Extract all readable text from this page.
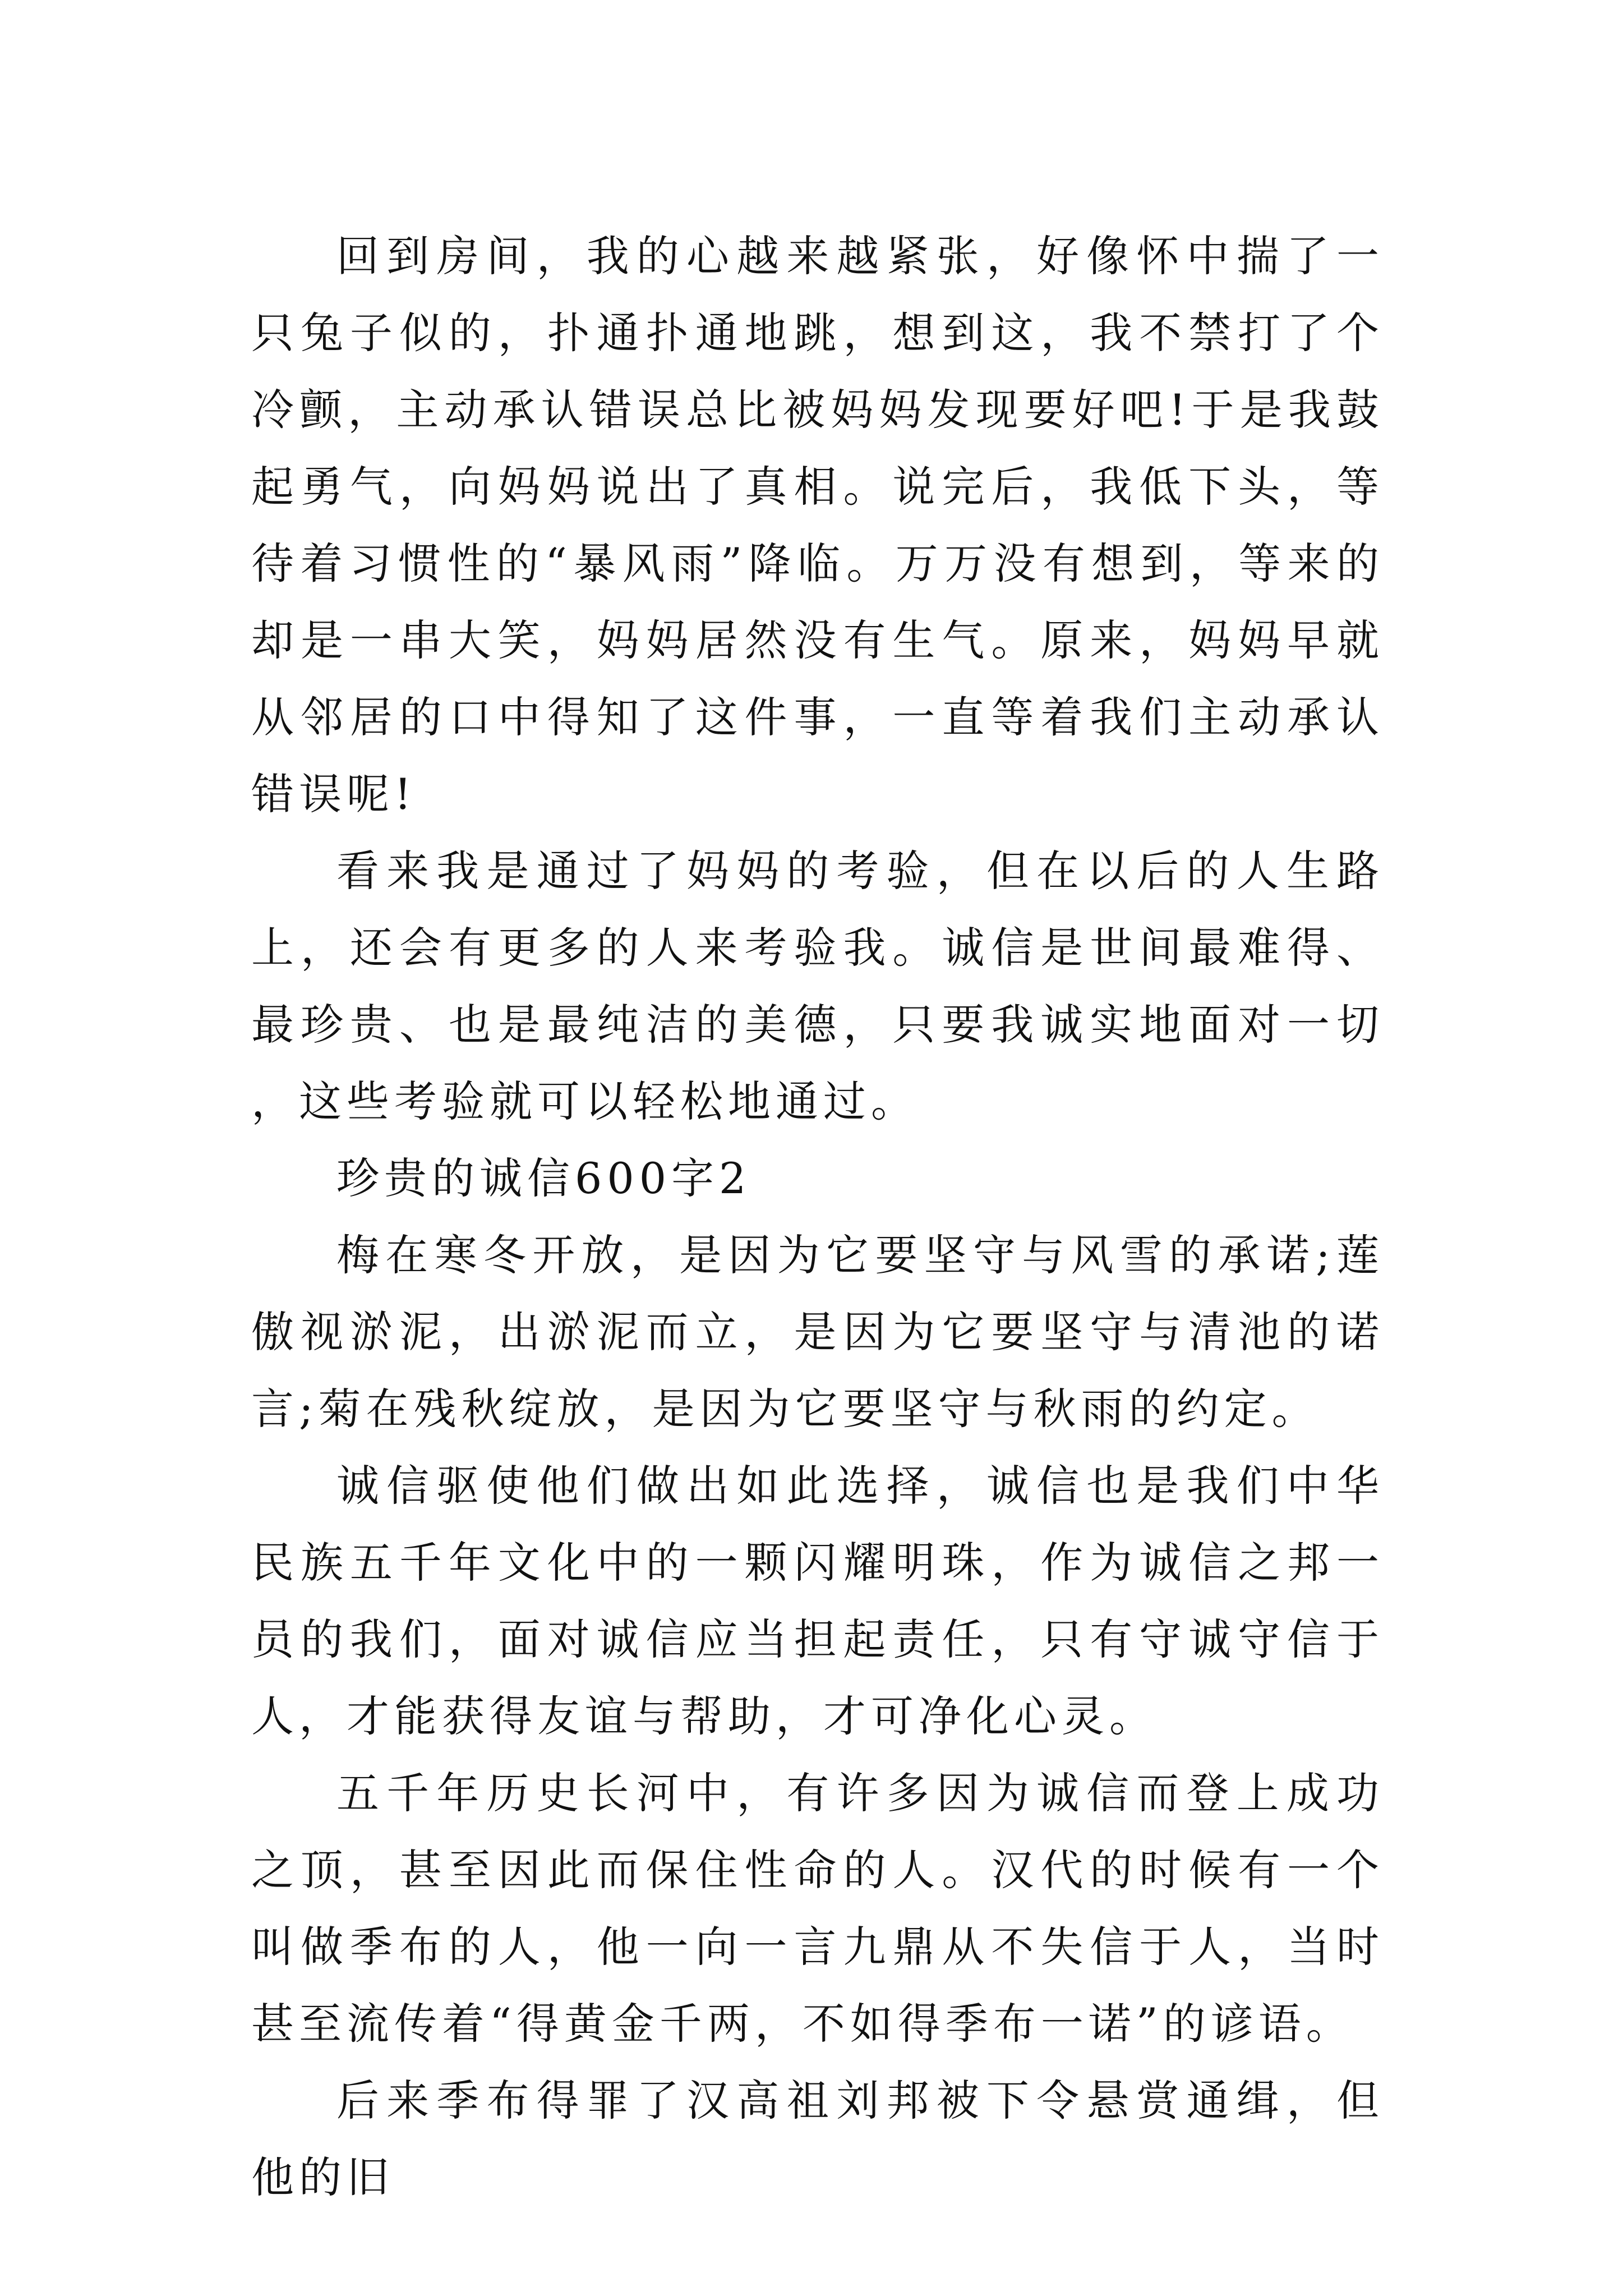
回到房间，我的心越来越紧张，好像怀中揣了一只兔子似的，扑通扑通地跳，想到这，我不禁打了个冷颤，主动承认错误总比被妈妈发现要好吧!于是我鼓起勇气，向妈妈说出了真相。说完后，我低下头，等待着习惯性的“暴风雨”降临。万万没有想到，等来的却是一串大笑，妈妈居然没有生气。原来，妈妈早就从邻居的口中得知了这件事，一直等着我们主动承认错误呢!

看来我是通过了妈妈的考验，但在以后的人生路上，还会有更多的人来考验我。诚信是世间最难得、最珍贵、也是最纯洁的美德，只要我诚实地面对一切，这些考验就可以轻松地通过。

珍贵的诚信600字2

梅在寒冬开放，是因为它要坚守与风雪的承诺;莲傲视淤泥，出淤泥而立，是因为它要坚守与清池的诺言;菊在残秋绽放，是因为它要坚守与秋雨的约定。

诚信驱使他们做出如此选择，诚信也是我们中华民族五千年文化中的一颗闪耀明珠，作为诚信之邦一员的我们，面对诚信应当担起责任，只有守诚守信于人，才能获得友谊与帮助，才可净化心灵。

五千年历史长河中，有许多因为诚信而登上成功之顶，甚至因此而保住性命的人。汉代的时候有一个叫做季布的人，他一向一言九鼎从不失信于人，当时甚至流传着“得黄金千两，不如得季布一诺”的谚语。

后来季布得罪了汉高祖刘邦被下令悬赏通缉，但他的旧
